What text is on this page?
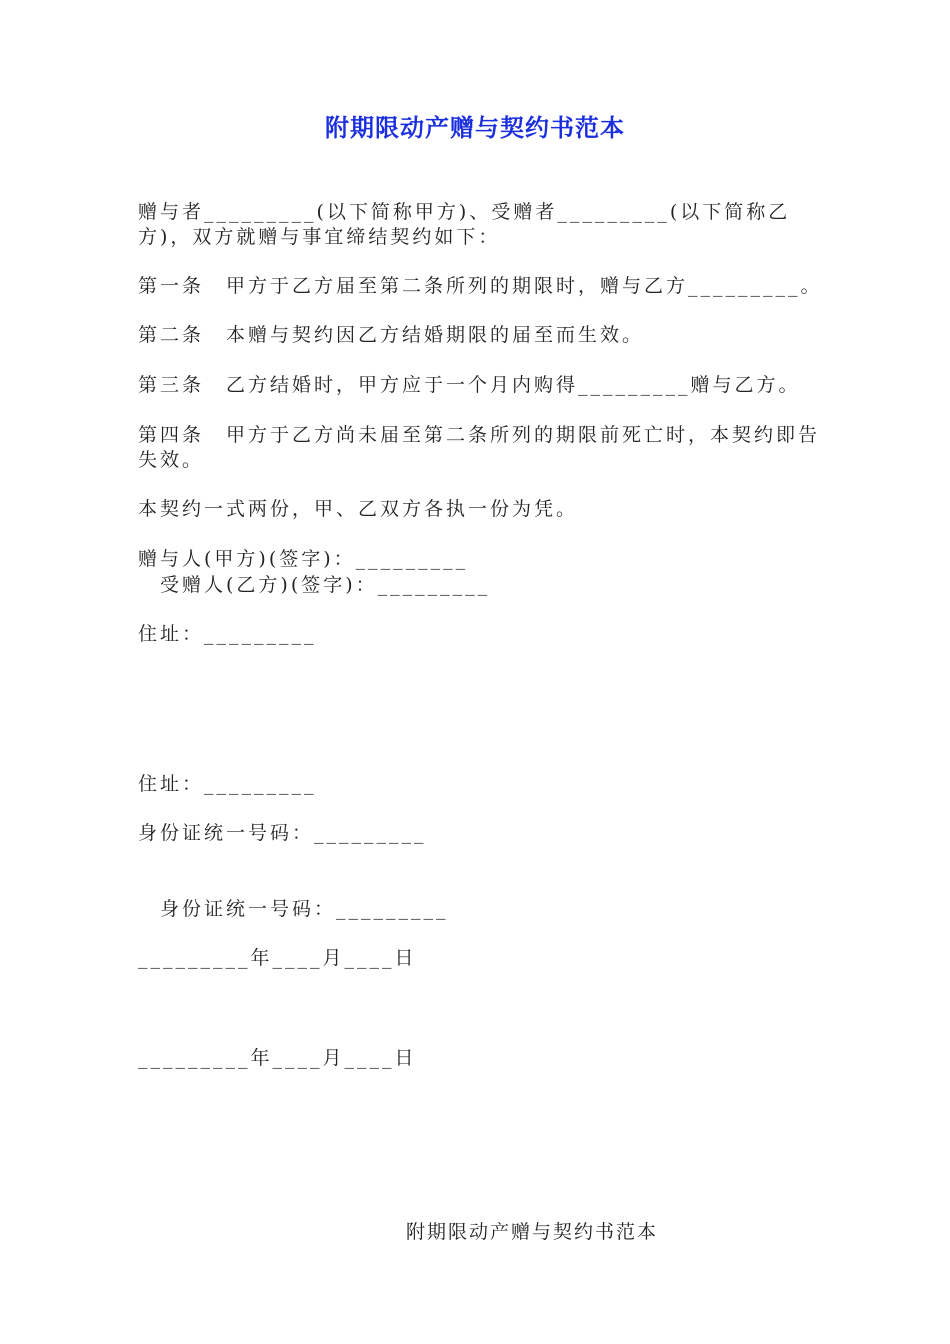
附期限动产赠与契约书范本
赠与者_________(以下简称甲方)、受赠者_________(以下简称乙方)，双方就赠与事宜缔结契约如下：
第一条　甲方于乙方届至第二条所列的期限时，赠与乙方_________。
第二条　本赠与契约因乙方结婚期限的届至而生效。
第三条　乙方结婚时，甲方应于一个月内购得_________赠与乙方。
第四条　甲方于乙方尚未届至第二条所列的期限前死亡时，本契约即告失效。
本契约一式两份，甲、乙双方各执一份为凭。
赠与人(甲方)(签字)：_________
受赠人(乙方)(签字)：_________
住址：_________
住址：_________
身份证统一号码：_________
身份证统一号码：_________
_________年____月____日
_________年____月____日
附期限动产赠与契约书范本
